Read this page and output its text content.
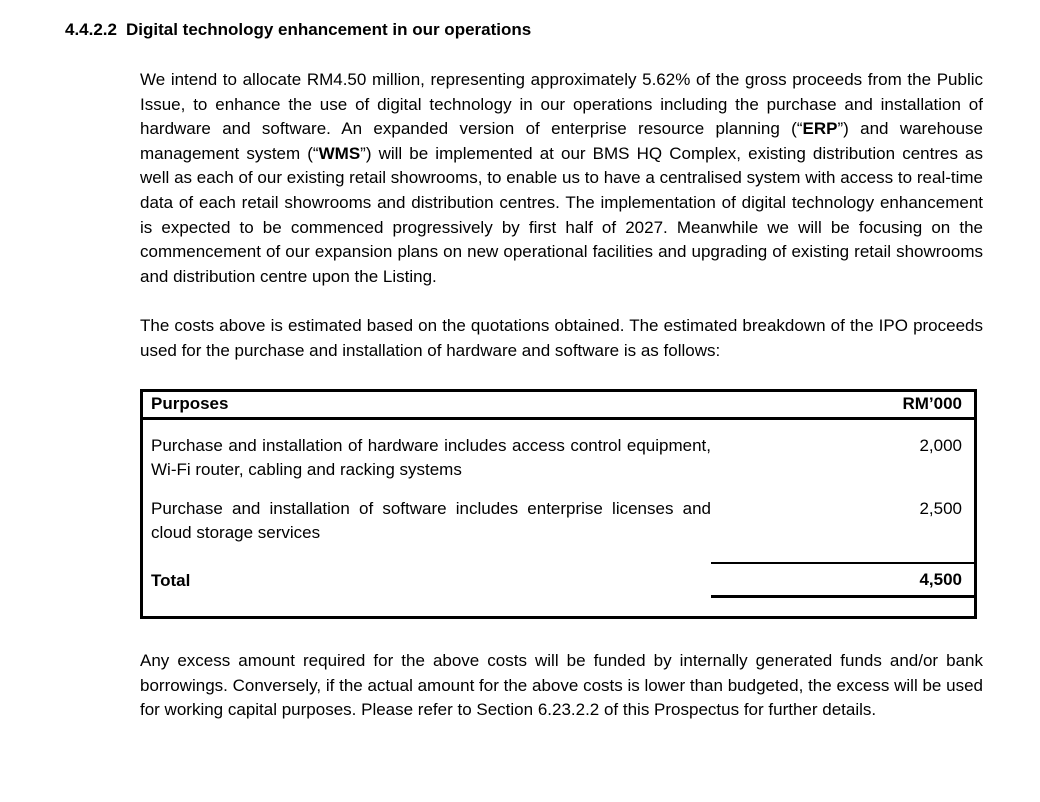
4.4.2.2 Digital technology enhancement in our operations

We intend to allocate RM4.50 million, representing approximately 5.62% of the gross proceeds from the Public Issue, to enhance the use of digital technology in our operations including the purchase and installation of hardware and software. An expanded version of enterprise resource planning (“ERP”) and warehouse management system (“WMS”) will be implemented at our BMS HQ Complex, existing distribution centres as well as each of our existing retail showrooms, to enable us to have a centralised system with access to real-time data of each retail showrooms and distribution centres. The implementation of digital technology enhancement is expected to be commenced progressively by first half of 2027. Meanwhile we will be focusing on the commencement of our expansion plans on new operational facilities and upgrading of existing retail showrooms and distribution centre upon the Listing.

The costs above is estimated based on the quotations obtained. The estimated breakdown of the IPO proceeds used for the purchase and installation of hardware and software is as follows:

Purposes	RM’000
Purchase and installation of hardware includes access control equipment, Wi-Fi router, cabling and racking systems	2,000
Purchase and installation of software includes enterprise licenses and cloud storage services	2,500
Total	4,500

Any excess amount required for the above costs will be funded by internally generated funds and/or bank borrowings. Conversely, if the actual amount for the above costs is lower than budgeted, the excess will be used for working capital purposes. Please refer to Section 6.23.2.2 of this Prospectus for further details.
